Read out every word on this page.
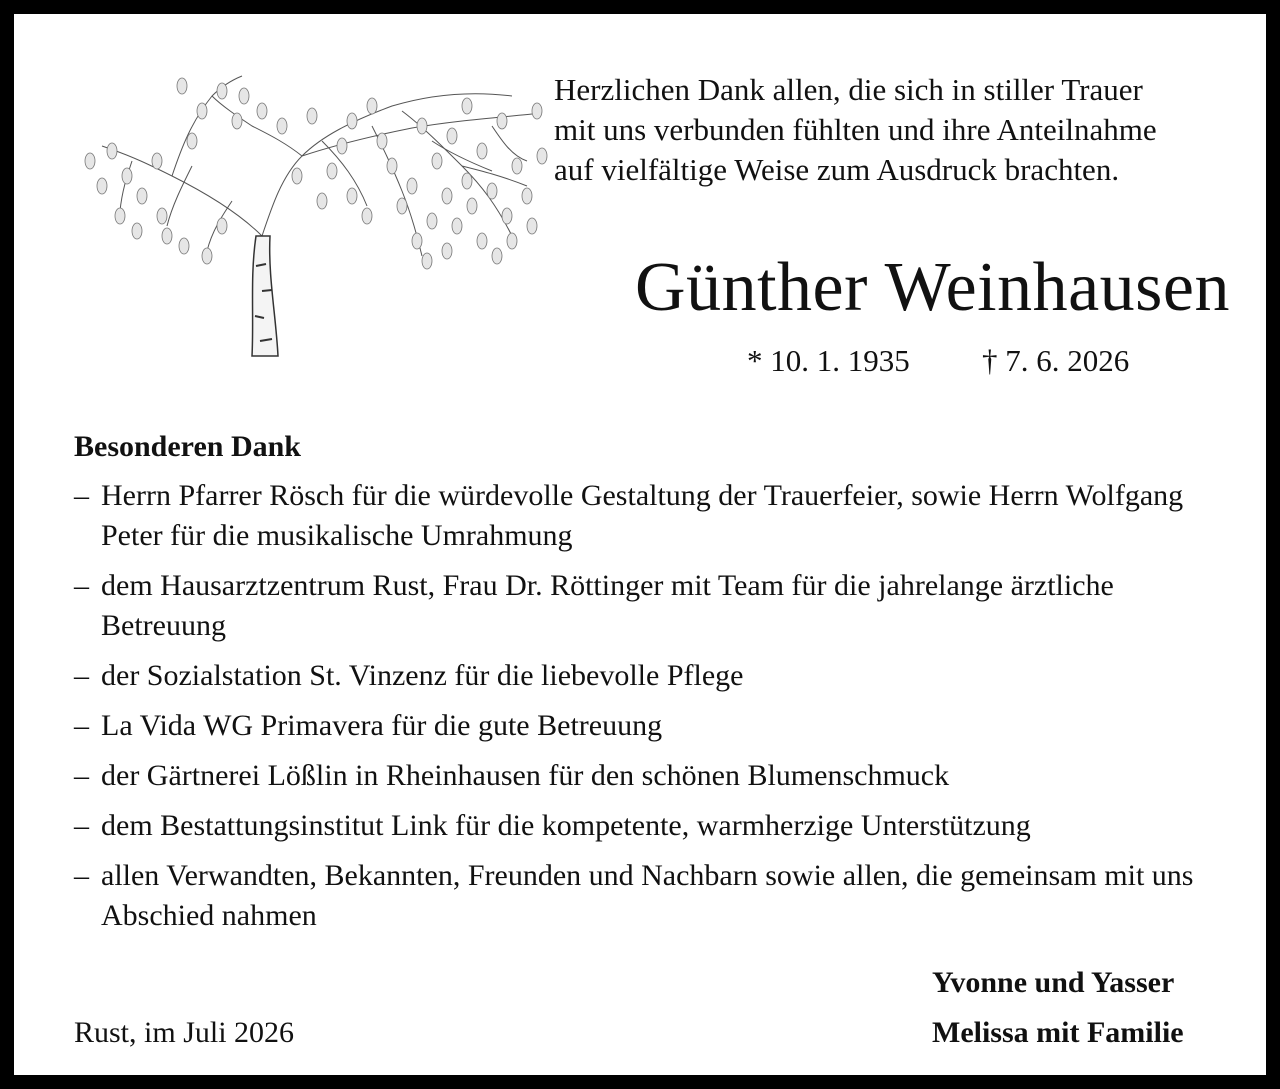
Herzlichen Dank allen, die sich in stiller Trauer
mit uns verbunden fühlten und ihre Anteilnahme
auf vielfältige Weise zum Ausdruck brachten.
Günther Weinhausen
* 10. 1. 1935 † 7. 6. 2026
Besonderen Dank
– Herrn Pfarrer Rösch für die würdevolle Gestaltung der Trauerfeier, sowie Herrn Wolfgang Peter für die musikalische Umrahmung
– dem Hausarztzentrum Rust, Frau Dr. Röttinger mit Team für die jahrelange ärztliche Betreuung
– der Sozialstation St. Vinzenz für die liebevolle Pflege
– La Vida WG Primavera für die gute Betreuung
– der Gärtnerei Lößlin in Rheinhausen für den schönen Blumenschmuck
– dem Bestattungsinstitut Link für die kompetente, warmherzige Unterstützung
– allen Verwandten, Bekannten, Freunden und Nachbarn sowie allen, die gemeinsam mit uns Abschied nahmen
Rust, im Juli 2026
Yvonne und Yasser
Melissa mit Familie
